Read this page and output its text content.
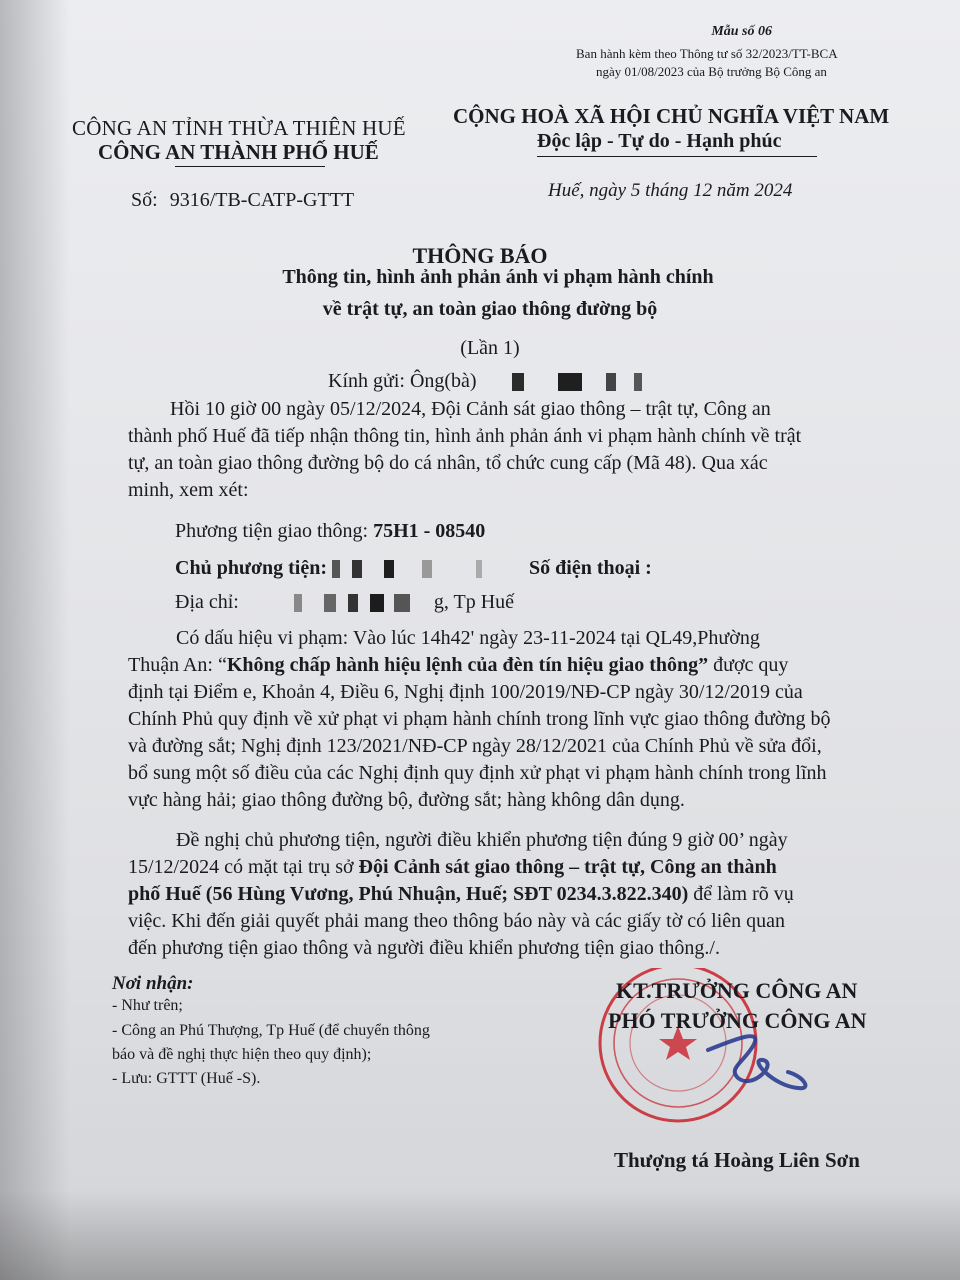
Mẫu số 06
Ban hành kèm theo Thông tư số 32/2023/TT-BCA
ngày 01/08/2023 của Bộ trưởng Bộ Công an
CÔNG AN TỈNH THỪA THIÊN HUẾ
CÔNG AN THÀNH PHỐ HUẾ
CỘNG HOÀ XÃ HỘI CHỦ NGHĨA VIỆT NAM
Độc lập - Tự do - Hạnh phúc
Số: 9316/TB-CATP-GTTT	Huế, ngày 5 tháng 12 năm 2024
THÔNG BÁO
Thông tin, hình ảnh phản ánh vi phạm hành chính
về trật tự, an toàn giao thông đường bộ
(Lần 1)
Kính gửi: Ông(bà)
Hồi 10 giờ 00 ngày 05/12/2024, Đội Cảnh sát giao thông – trật tự, Công an
thành phố Huế đã tiếp nhận thông tin, hình ảnh phản ánh vi phạm hành chính về trật
tự, an toàn giao thông đường bộ do cá nhân, tổ chức cung cấp (Mã 48). Qua xác
minh, xem xét:
Phương tiện giao thông: 75H1 - 08540
Chủ phương tiện:	Số điện thoại :
Địa chỉ:	g, Tp Huế
Có dấu hiệu vi phạm: Vào lúc 14h42' ngày 23-11-2024 tại QL49,Phường
Thuận An: “Không chấp hành hiệu lệnh của đèn tín hiệu giao thông” được quy
định tại Điểm e, Khoản 4, Điều 6, Nghị định 100/2019/NĐ-CP ngày 30/12/2019 của
Chính Phủ quy định về xử phạt vi phạm hành chính trong lĩnh vực giao thông đường bộ
và đường sắt; Nghị định 123/2021/NĐ-CP ngày 28/12/2021 của Chính Phủ về sửa đổi,
bổ sung một số điều của các Nghị định quy định xử phạt vi phạm hành chính trong lĩnh
vực hàng hải; giao thông đường bộ, đường sắt; hàng không dân dụng.
Đề nghị chủ phương tiện, người điều khiển phương tiện đúng 9 giờ 00’ ngày
15/12/2024 có mặt tại trụ sở Đội Cảnh sát giao thông – trật tự, Công an thành
phố Huế (56 Hùng Vương, Phú Nhuận, Huế; SĐT 0234.3.822.340) để làm rõ vụ
việc. Khi đến giải quyết phải mang theo thông báo này và các giấy tờ có liên quan
đến phương tiện giao thông và người điều khiển phương tiện giao thông./.
Nơi nhận:
- Như trên;
- Công an Phú Thượng, Tp Huế (để chuyển thông
báo và đề nghị thực hiện theo quy định);
- Lưu: GTTT (Huế -S).
KT.TRƯỞNG CÔNG AN
PHÓ TRƯỞNG CÔNG AN
Thượng tá Hoàng Liên Sơn
